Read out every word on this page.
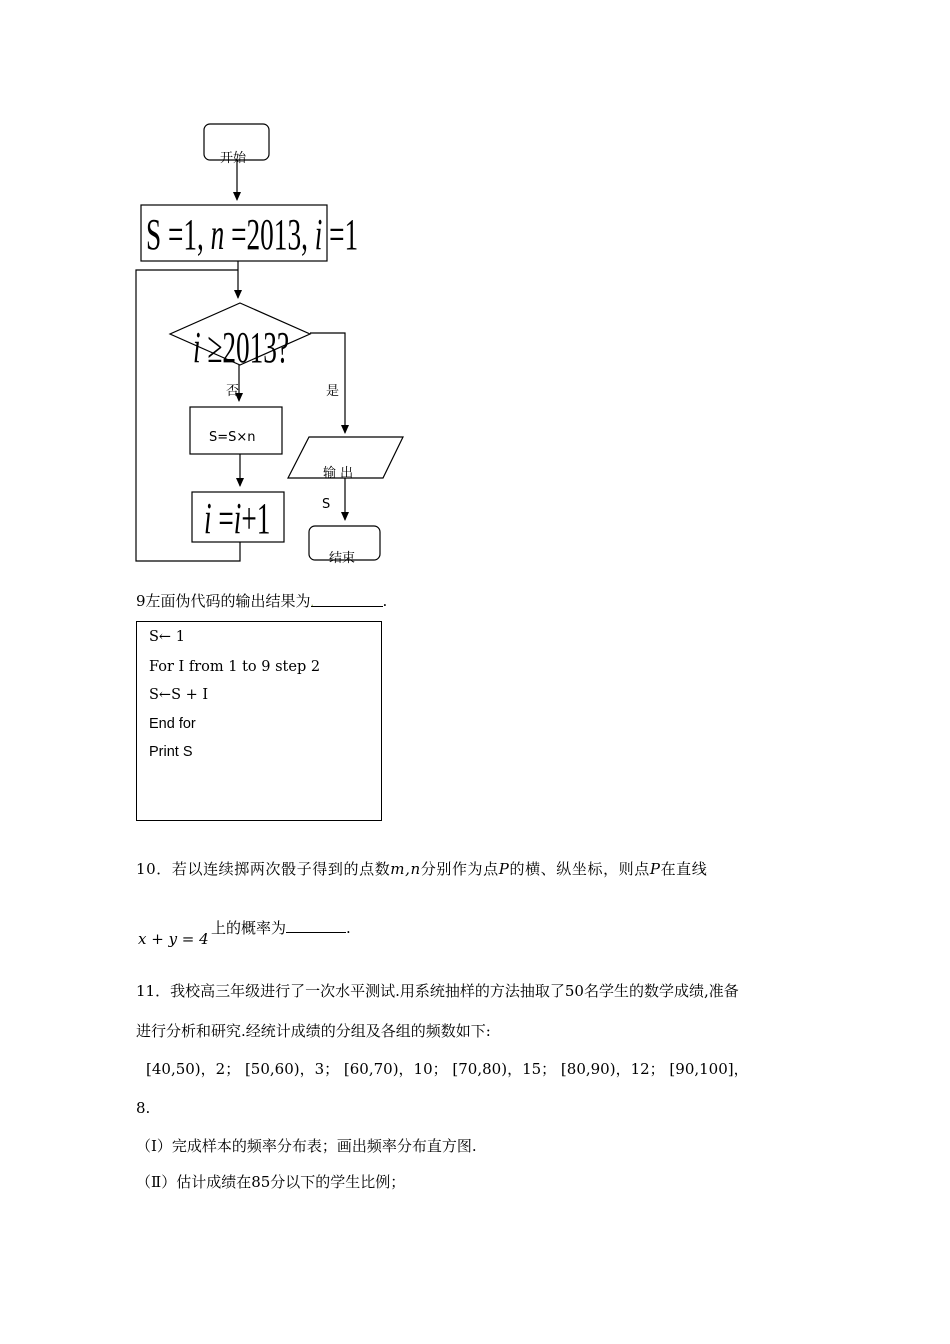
开始
S =1, n =2013, i =1
i ≥2013?
否	是
S=S×n
i =i+1
输 出
S
结束
9左面伪代码的输出结果为.	.
S← 1
For I from 1 to 9 step 2
S←S + I
End for
Print S
10．若以连续掷两次骰子得到的点数m,n分别作为点P的横、纵坐标，则点P在直线
x + y = 4
上的概率为	.
11．我校高三年级进行了一次水平测试.用系统抽样的方法抽取了50名学生的数学成绩,准备
进行分析和研究.经统计成绩的分组及各组的频数如下:
[40,50)，2； [50,60)，3； [60,70)，10； [70,80)，15； [80,90)，12； [90,100]，
8.
（Ⅰ）完成样本的频率分布表；画出频率分布直方图.
（Ⅱ）估计成绩在85分以下的学生比例；
